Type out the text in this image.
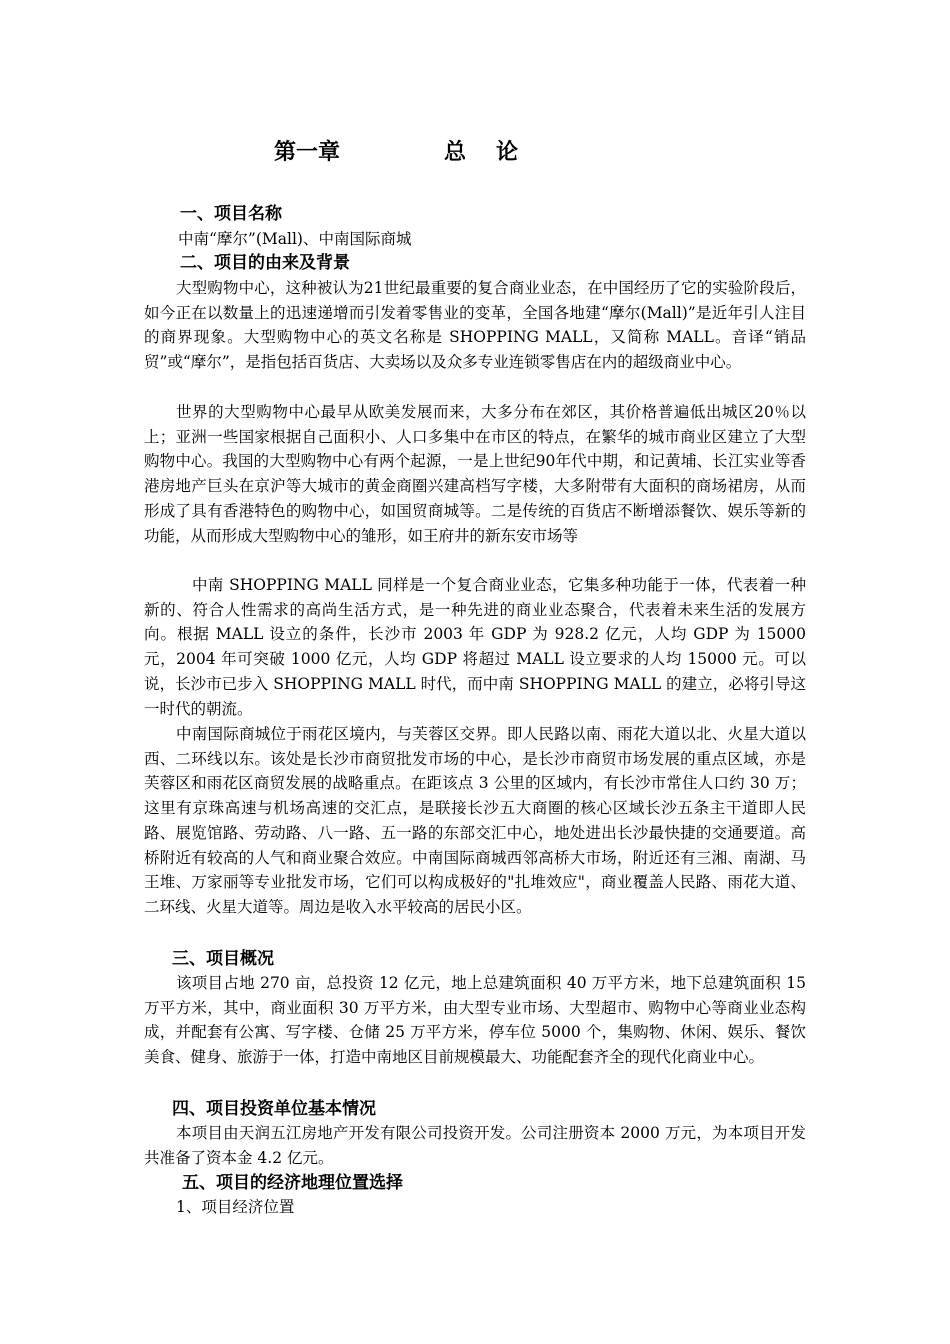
第一章	总论
一、项目名称
中南“摩尔”(Mall)、中南国际商城
二、项目的由来及背景
大型购物中心，这种被认为21世纪最重要的复合商业业态，在中国经历了它的实验阶段后，如今正在以数量上的迅速递增而引发着零售业的变革，全国各地建“摩尔(Mall)”是近年引人注目的商界现象。大型购物中心的英文名称是 SHOPPING MALL，又简称 MALL。音译“销品贸”或“摩尔”，是指包括百货店、大卖场以及众多专业连锁零售店在内的超级商业中心。
世界的大型购物中心最早从欧美发展而来，大多分布在郊区，其价格普遍低出城区20％以上；亚洲一些国家根据自己面积小、人口多集中在市区的特点，在繁华的城市商业区建立了大型购物中心。我国的大型购物中心有两个起源，一是上世纪90年代中期，和记黄埔、长江实业等香港房地产巨头在京沪等大城市的黄金商圈兴建高档写字楼，大多附带有大面积的商场裙房，从而形成了具有香港特色的购物中心，如国贸商城等。二是传统的百货店不断增添餐饮、娱乐等新的功能，从而形成大型购物中心的雏形，如王府井的新东安市场等
中南 SHOPPING MALL 同样是一个复合商业业态，它集多种功能于一体，代表着一种新的、符合人性需求的高尚生活方式，是一种先进的商业业态聚合，代表着未来生活的发展方向。根据 MALL 设立的条件，长沙市 2003 年 GDP 为 928.2 亿元，人均 GDP 为 15000 元，2004 年可突破 1000 亿元，人均 GDP 将超过 MALL 设立要求的人均 15000 元。可以说，长沙市已步入 SHOPPING MALL 时代，而中南 SHOPPING MALL 的建立，必将引导这一时代的朝流。
中南国际商城位于雨花区境内，与芙蓉区交界。即人民路以南、雨花大道以北、火星大道以西、二环线以东。该处是长沙市商贸批发市场的中心，是长沙市商贸市场发展的重点区域，亦是芙蓉区和雨花区商贸发展的战略重点。在距该点 3 公里的区域内，有长沙市常住人口约 30 万；这里有京珠高速与机场高速的交汇点，是联接长沙五大商圈的核心区域长沙五条主干道即人民路、展览馆路、劳动路、八一路、五一路的东部交汇中心，地处进出长沙最快捷的交通要道。高桥附近有较高的人气和商业聚合效应。中南国际商城西邻高桥大市场，附近还有三湘、南湖、马王堆、万家丽等专业批发市场，它们可以构成极好的"扎堆效应"，商业覆盖人民路、雨花大道、二环线、火星大道等。周边是收入水平较高的居民小区。
三、项目概况
该项目占地 270 亩，总投资 12 亿元，地上总建筑面积 40 万平方米，地下总建筑面积 15 万平方米，其中，商业面积 30 万平方米，由大型专业市场、大型超市、购物中心等商业业态构成，并配套有公寓、写字楼、仓储 25 万平方米，停车位 5000 个，集购物、休闲、娱乐、餐饮美食、健身、旅游于一体，打造中南地区目前规模最大、功能配套齐全的现代化商业中心。
四、项目投资单位基本情况
本项目由天润五江房地产开发有限公司投资开发。公司注册资本 2000 万元，为本项目开发共准备了资本金 4.2 亿元。
五、项目的经济地理位置选择
1、项目经济位置
